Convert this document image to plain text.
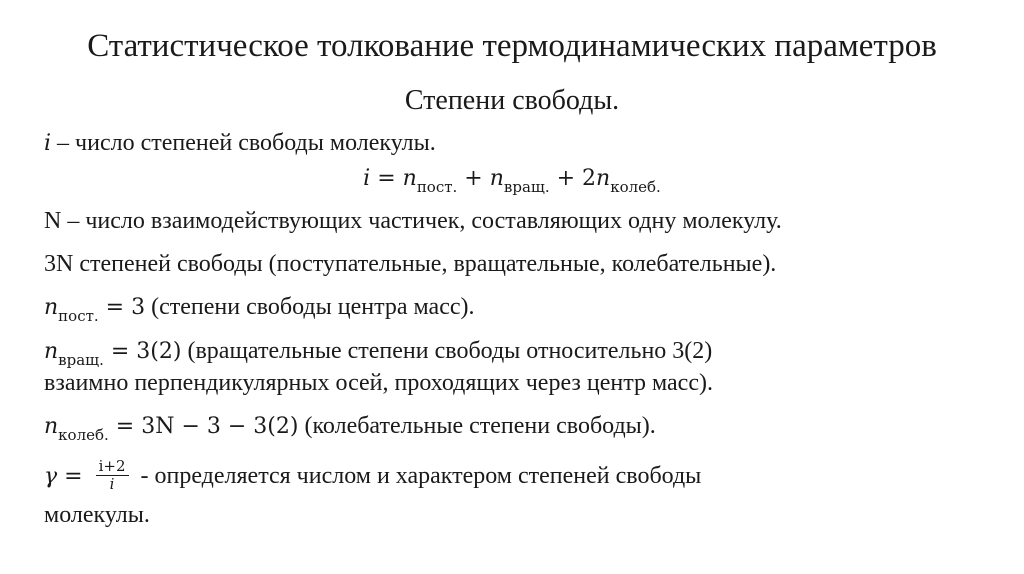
Статистическое толкование термодинамических параметров
Степени свободы.
i – число степеней свободы молекулы.
$i = n_{пост.} + n_{вращ.} + 2n_{колеб.}$
N – число взаимодействующих частичек, составляющих одну молекулу.
3N степеней свободы (поступательные, вращательные, колебательные).
$n_{пост.} = 3$ (степени свободы центра масс).
$n_{вращ.} = 3(2)$ (вращательные степени свободы относительно 3(2)
взаимно перпендикулярных осей, проходящих через центр масс).
$n_{колеб.} = 3N - 3 - 3(2)$ (колебательные степени свободы).
$\gamma = \frac{i+2}{i}$ - определяется числом и характером степеней свободы
молекулы.
